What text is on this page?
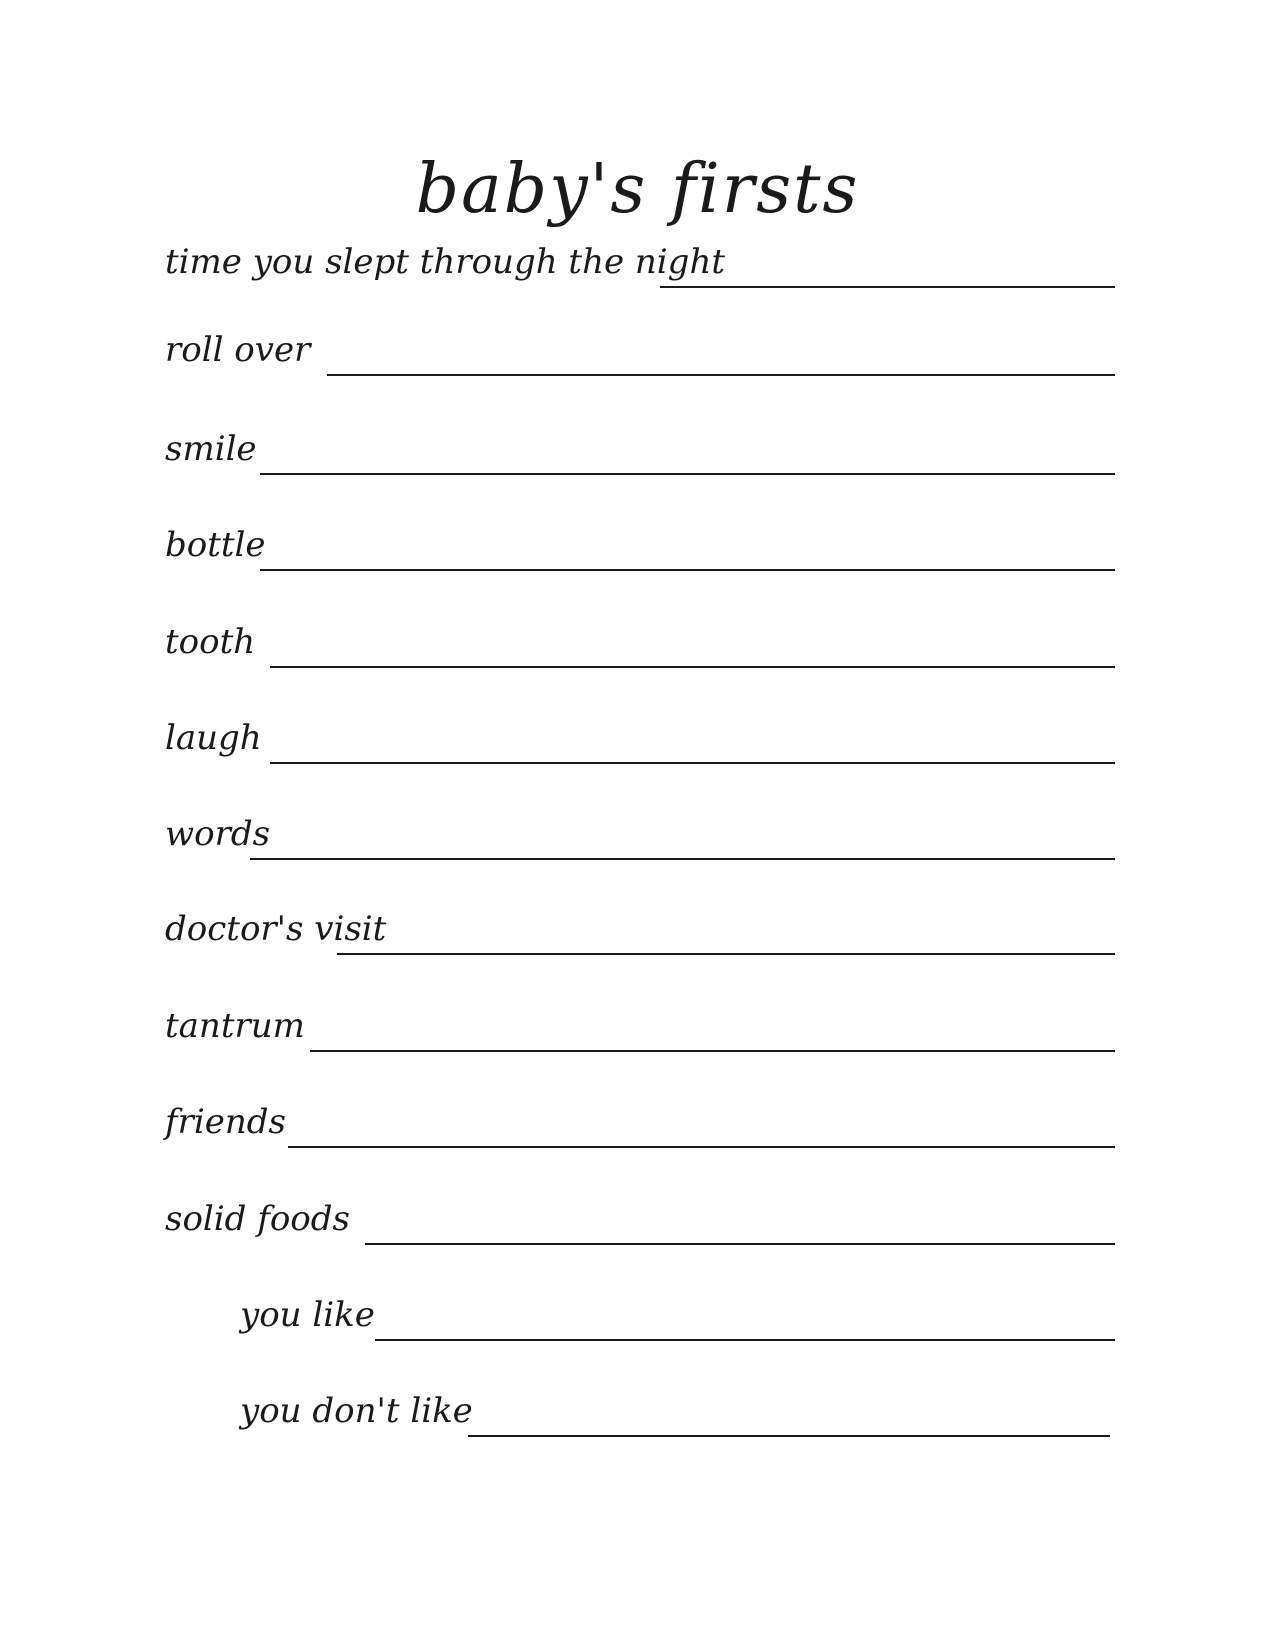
baby's firsts
time you slept through the night
roll over
smile
bottle
tooth
laugh
words
doctor's visit
tantrum
friends
solid foods
you like
you don't like
